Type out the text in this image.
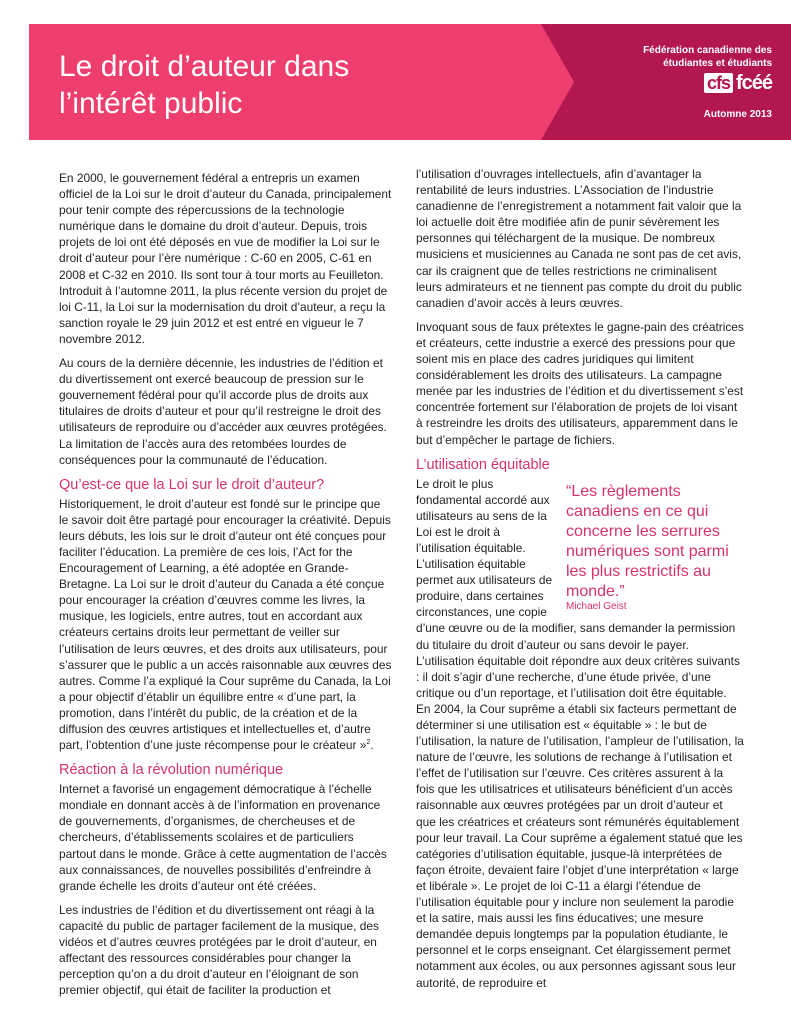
Le droit d’auteur dans
l’intérêt public
Fédération canadienne des
étudiantes et étudiants
cfs fcéé
Automne 2013

En 2000, le gouvernement fédéral a entrepris un examen officiel de la Loi sur le droit d’auteur du Canada, principalement pour tenir compte des répercussions de la technologie numérique dans le domaine du droit d’auteur. Depuis, trois projets de loi ont été déposés en vue de modifier la Loi sur le droit d’auteur pour l’ère numérique : C-60 en 2005, C-61 en 2008 et C-32 en 2010. Ils sont tour à tour morts au Feuilleton. Introduit à l’automne 2011, la plus récente version du projet de loi C-11, la Loi sur la modernisation du droit d’auteur, a reçu la sanction royale le 29 juin 2012 et est entré en vigueur le 7 novembre 2012.

Au cours de la dernière décennie, les industries de l’édition et du divertissement ont exercé beaucoup de pression sur le gouvernement fédéral pour qu’il accorde plus de droits aux titulaires de droits d’auteur et pour qu’il restreigne le droit des utilisateurs de reproduire ou d’accéder aux œuvres protégées. La limitation de l’accès aura des retombées lourdes de conséquences pour la communauté de l’éducation.

Qu’est-ce que la Loi sur le droit d’auteur?

Historiquement, le droit d’auteur est fondé sur le principe que le savoir doit être partagé pour encourager la créativité. Depuis leurs débuts, les lois sur le droit d’auteur ont été conçues pour faciliter l’éducation. La première de ces lois, l’Act for the Encouragement of Learning, a été adoptée en Grande-Bretagne. La Loi sur le droit d’auteur du Canada a été conçue pour encourager la création d’œuvres comme les livres, la musique, les logiciels, entre autres, tout en accordant aux créateurs certains droits leur permettant de veiller sur l’utilisation de leurs œuvres, et des droits aux utilisateurs, pour s’assurer que le public a un accès raisonnable aux œuvres des autres. Comme l’a expliqué la Cour suprême du Canada, la Loi a pour objectif d’établir un équilibre entre « d’une part, la promotion, dans l’intérêt du public, de la création et de la diffusion des œuvres artistiques et intellectuelles et, d’autre part, l’obtention d’une juste récompense pour le créateur »$^2$.

Réaction à la révolution numérique

Internet a favorisé un engagement démocratique à l’échelle mondiale en donnant accès à de l’information en provenance de gouvernements, d’organismes, de chercheuses et de chercheurs, d’établissements scolaires et de particuliers partout dans le monde. Grâce à cette augmentation de l’accès aux connaissances, de nouvelles possibilités d’enfreindre à grande échelle les droits d’auteur ont été créées.

Les industries de l’édition et du divertissement ont réagi à la capacité du public de partager facilement de la musique, des vidéos et d’autres œuvres protégées par le droit d’auteur, en affectant des ressources considérables pour changer la perception qu’on a du droit d’auteur en l’éloignant de son premier objectif, qui était de faciliter la production et

l’utilisation d’ouvrages intellectuels, afin d’avantager la rentabilité de leurs industries. L’Association de l’industrie canadienne de l’enregistrement a notamment fait valoir que la loi actuelle doit être modifiée afin de punir sévèrement les personnes qui téléchargent de la musique. De nombreux musiciens et musiciennes au Canada ne sont pas de cet avis, car ils craignent que de telles restrictions ne criminalisent leurs admirateurs et ne tiennent pas compte du droit du public canadien d’avoir accès à leurs œuvres.

Invoquant sous de faux prétextes le gagne-pain des créatrices et créateurs, cette industrie a exercé des pressions pour que soient mis en place des cadres juridiques qui limitent considérablement les droits des utilisateurs. La campagne menée par les industries de l’édition et du divertissement s’est concentrée fortement sur l’élaboration de projets de loi visant à restreindre les droits des utilisateurs, apparemment dans le but d’empêcher le partage de fichiers.

L’utilisation équitable

“Les règlements canadiens en ce qui concerne les serrures numériques sont parmi les plus restrictifs au monde.”
Michael Geist
Le droit le plus fondamental accordé aux utilisateurs au sens de la Loi est le droit à l’utilisation équitable. L’utilisation équitable permet aux utilisateurs de produire, dans certaines circonstances, une copie d’une œuvre ou de la modifier, sans demander la permission du titulaire du droit d’auteur ou sans devoir le payer. L’utilisation équitable doit répondre aux deux critères suivants : il doit s’agir d’une recherche, d’une étude privée, d’une critique ou d’un reportage, et l’utilisation doit être équitable. En 2004, la Cour suprême a établi six facteurs permettant de déterminer si une utilisation est « équitable » : le but de l’utilisation, la nature de l’utilisation, l’ampleur de l’utilisation, la nature de l’œuvre, les solutions de rechange à l’utilisation et l’effet de l’utilisation sur l’œuvre. Ces critères assurent à la fois que les utilisatrices et utilisateurs bénéficient d’un accès raisonnable aux œuvres protégées par un droit d’auteur et que les créatrices et créateurs sont rémunérés équitablement pour leur travail. La Cour suprême a également statué que les catégories d’utilisation équitable, jusque-là interprétées de façon étroite, devaient faire l’objet d’une interprétation « large et libérale ». Le projet de loi C-11 a élargi l’étendue de l’utilisation équitable pour y inclure non seulement la parodie et la satire, mais aussi les fins éducatives; une mesure demandée depuis longtemps par la population étudiante, le personnel et le corps enseignant. Cet élargissement permet notamment aux écoles, ou aux personnes agissant sous leur autorité, de reproduire et
